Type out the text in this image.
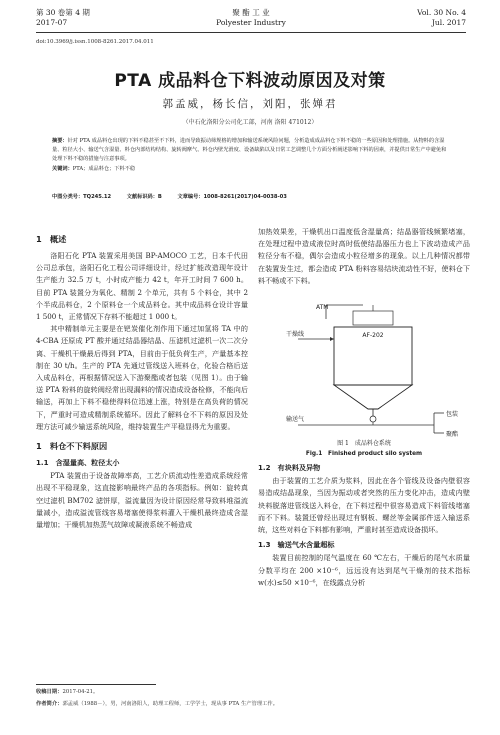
第 30 卷第 4 期
2017-07
聚 酯 工 业
Polyester Industry
Vol. 30 No. 4
Jul. 2017
doi:10.3969/j.issn.1008-8261.2017.04.011
PTA 成品料仓下料波动原因及对策
郭孟威，杨长信，刘阳，张婵君
（中石化洛阳分公司化工部，河南 洛阳 471012）
摘要：针对 PTA 成品料仓出现的下料不稳甚至不下料，进而导致振动筛规格的增加和输送系统风险问题，分析造成成品料仓下料不稳的一些原因和处理措施。从物料的含湿量、粒径大小、输送气含湿量、料仓内部结构结构、旋转阀摩气、料仓内壁光滑度、设备缺陷以及日常工艺调整几个方面分析阐述影响下料的因素，并提供日常生产中避免和处理下料不稳的措施与注意事项。
关键词：PTA；成品料仓；下料不稳
中图分类号：TQ245.12	文献标识码：B	文章编号：1008-8261(2017)04-0038-03
1　概述

洛阳石化 PTA 装置采用美国 BP-AMOCO 工艺，日本千代田公司总承包，洛阳石化工程公司详细设计，经过扩能改造现年设计生产能力 32.5 万 t，小时成产能力 42 t，年开工时间 7 600 h。目前 PTA 装置分为氧化、精制 2 个单元，共有 5 个料仓，其中 2 个半成品料仓，2 个原料仓一个成品料仓。其中成品料仓设计容量 1 500 t，正常情况下存料不能超过 1 000 t。

其中精制单元主要是在钯炭催化剂作用下通过加氢将 TA 中的 4-CBA 还原成 PT 酸并通过结晶器结晶、压滤机过滤机一次二次分离、干燥机干燥最后得到 PTA，目前由于低负荷生产，产量基本控制在 30 t/h。生产的 PTA 先通过管线送入班料仓，化验合格后送入成品料仓，再根据情况送入下游聚酯或者包装（见图 1）。由于输送 PTA 粉料的旋转阀经常出现漏料的情况造成设备检修，不能向后输送，再加上下料不稳使得料位迅速上涨，特别是在高负荷的情况下，严重时可造成精制系统循环。因此了解料仓不下料的原因及处理方法可减少输送系统风险，维持装置生产平稳显得尤为重要。

1　料仓不下料原因
1.1　含湿量高、粒径太小

PTA 装置由于设备故障率高，工艺介质流动性差造成系统经常出现不平稳现象，这直接影响最终产品的各项指标。例如：旋转真空过滤机 BM702 滤饼厚，溢流量因为设计原因经常导致料堆溢流量减小，造成溢流管线容易堵塞使得浆料灌入干燥机最终造成含湿量增加；干燥机加热蒸气故障或凝液系统不畅造成

加热效果差，干燥机出口温度低含湿量高；结晶器管线频繁堵塞，在处理过程中造成液位时高时低使结晶器压力也上下波动造成产品粒径分布不稳，偶尔会造成小粒径增多的现象。以上几种情况都带在装置发生过，都会造成 PTA 粉料容易结块流动性不好，使料仓下料不畅或不下料。

ATM
AF-202
干燥线
输送气
包装
聚酯
图 1　成品料仓系统
Fig.1　Finished product silo system
1.2　有块料及异物

由于装置的工艺介质为浆料，因此在各个管线及设备内壁很容易造成结晶现象，当因为振动或者突然的压力变化冲击，造成内壁块料脱落进管线送入料仓，在下料过程中很容易造成下料管线堵塞而不下料。装置还曾经出现过有钢板、螺丝等金属部件送入输送系统，这些对料仓下料都有影响，严重时甚至造成设备损坏。

1.3　输送气水含量超标

装置目前控制的尾气温度在 60 ℃左右，干燥后的尾气水质量分数平均在 200 ×10⁻⁶，远远没有达到尾气干燥剂的技术指标 w(水)≤50 ×10⁻⁶，在线露点分析

收稿日期：2017-04-21。
作者简介：郭孟威（1988－），男，河南洛阳人，助理工程师，工学学士，现从事 PTA 生产管理工作。
